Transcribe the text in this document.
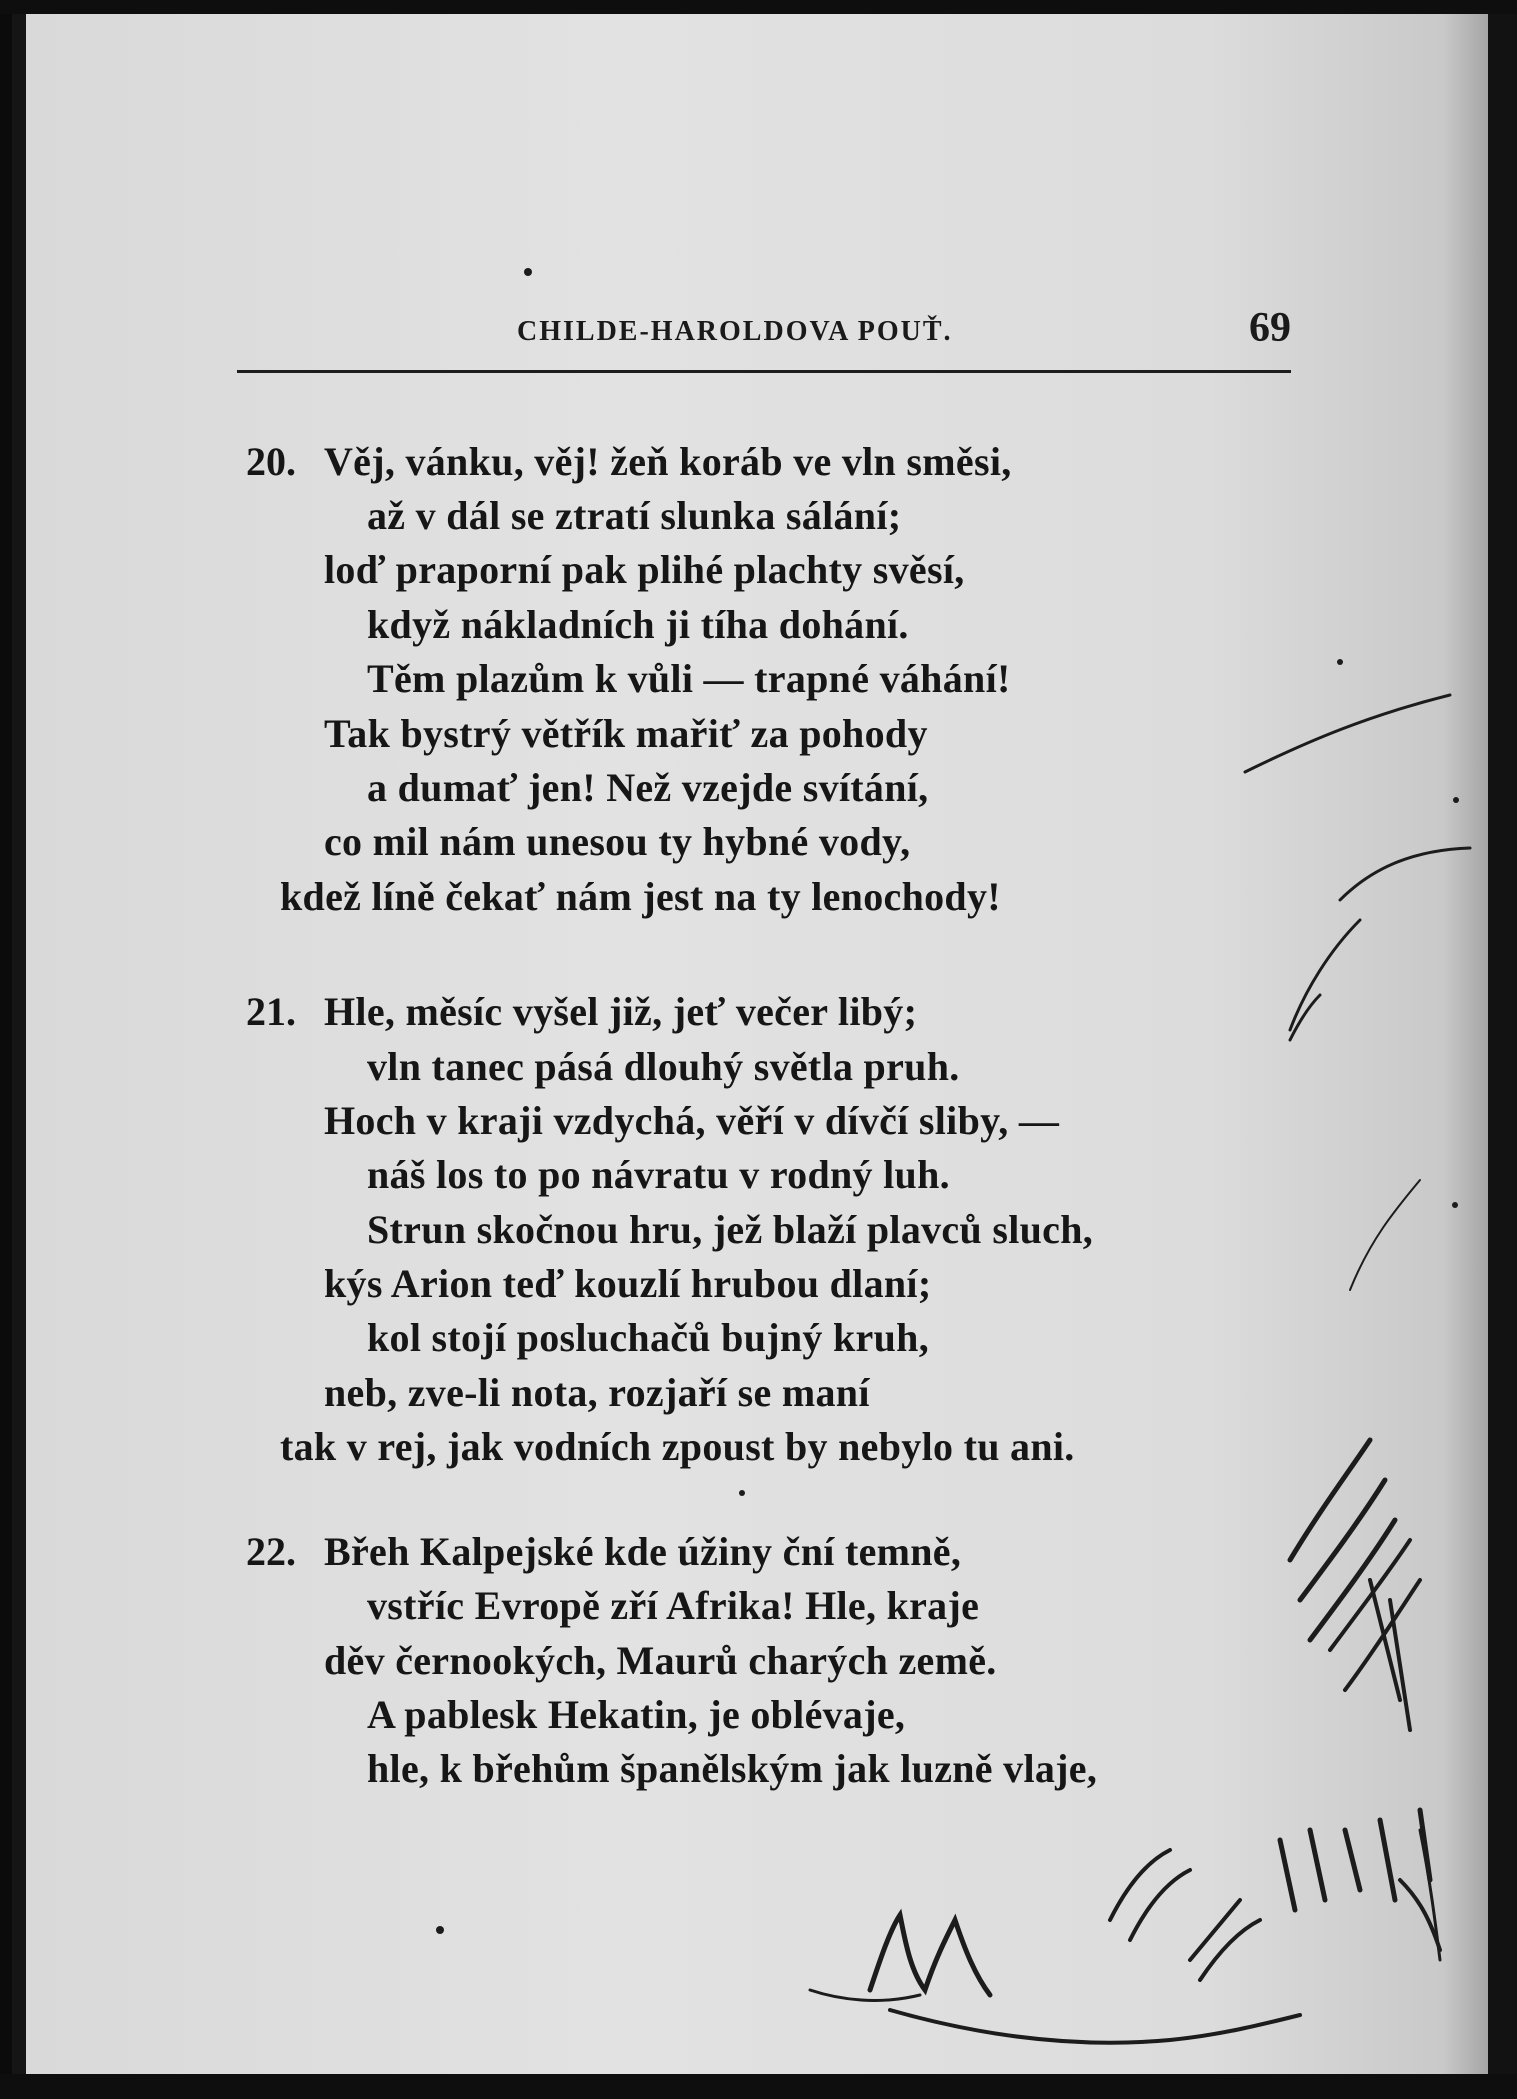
CHILDE-HAROLDOVA POUŤ.	69
20. Věj, vánku, věj! žeň koráb ve vln směsi,
až v dál se ztratí slunka sálání;
loď praporní pak plihé plachty svěsí,
když nákladních ji tíha dohání.
Těm plazům k vůli — trapné váhání!
Tak bystrý větřík mařiť za pohody
a dumať jen! Než vzejde svítání,
co mil nám unesou ty hybné vody,
kdež líně čekať nám jest na ty lenochody!
21. Hle, měsíc vyšel již, jeť večer libý;
vln tanec pásá dlouhý světla pruh.
Hoch v kraji vzdychá, věří v dívčí sliby, —
náš los to po návratu v rodný luh.
Strun skočnou hru, jež blaží plavců sluch,
kýs Arion teď kouzlí hrubou dlaní;
kol stojí posluchačů bujný kruh,
neb, zve-li nota, rozjaří se maní
tak v rej, jak vodních zpoust by nebylo tu ani.
22. Břeh Kalpejské kde úžiny ční temně,
vstříc Evropě zří Afrika! Hle, kraje
děv černookých, Maurů charých země.
A pablesk Hekatin, je oblévaje,
hle, k břehům španělským jak luzně vlaje,
